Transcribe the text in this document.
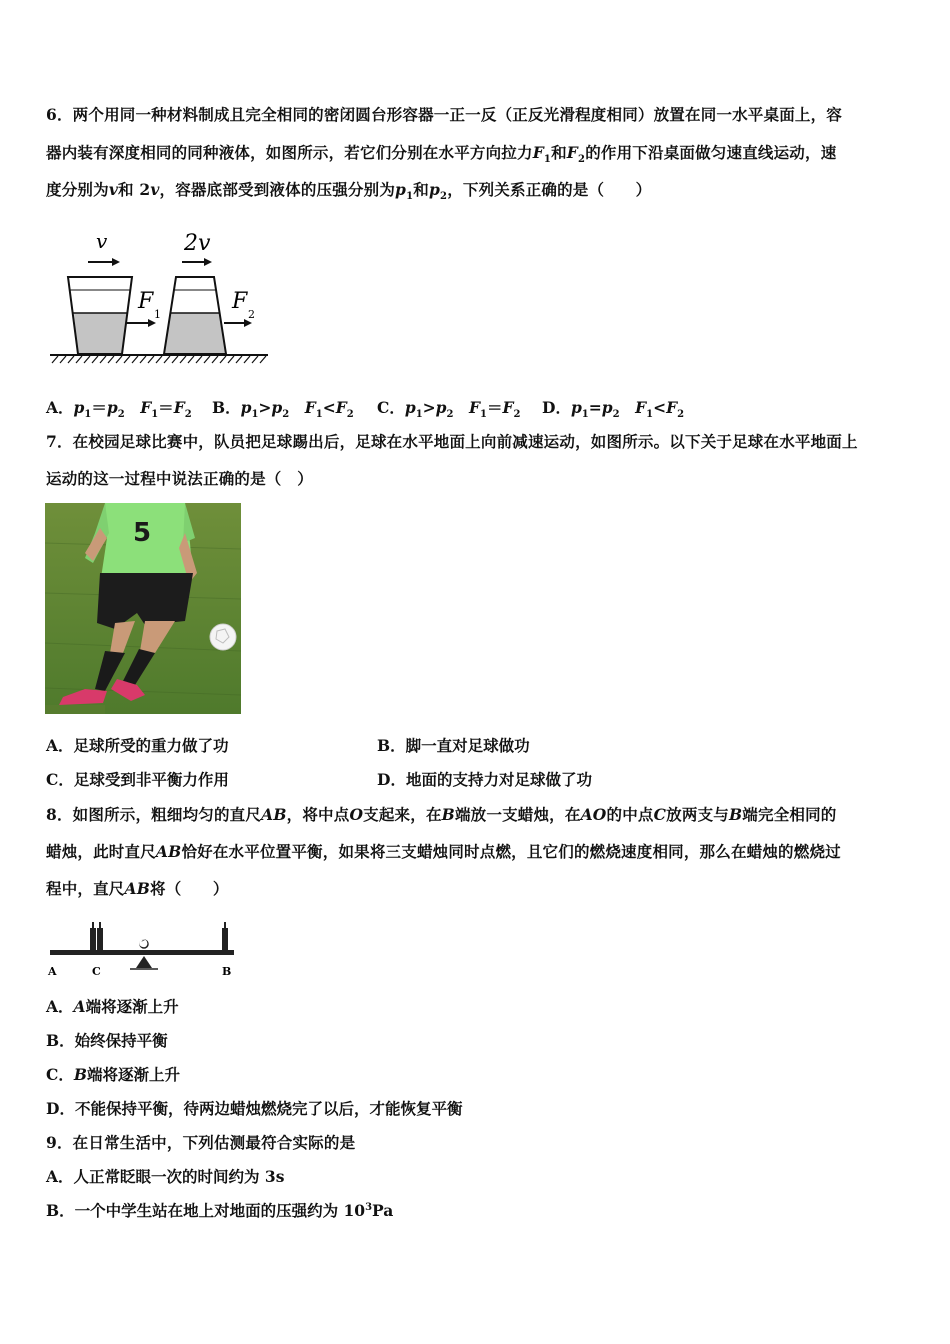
6．两个用同一种材料制成且完全相同的密闭圆台形容器一正一反（正反光滑程度相同）放置在同一水平桌面上，容
器内装有深度相同的同种液体，如图所示，若它们分别在水平方向拉力$F_1$和$F_2$的作用下沿桌面做匀速直线运动，速
度分别为v和 2v，容器底部受到液体的压强分别为$p_1$和$p_2$，下列关系正确的是（　　）
v	2v
F
1
F
2
A．$p_1=p_2$　 $F_1=F_2$ B．$p_1>p_2$　 $F_1<F_2$ C．$p_1>p_2$　 $F_1=F_2$ D．$p_1=p_2$　 $F_1<F_2$
7．在校园足球比赛中，队员把足球踢出后，足球在水平地面上向前减速运动，如图所示。以下关于足球在水平地面上
运动的这一过程中说法正确的是（　）
5
A．足球所受的重力做了功	B．脚一直对足球做功
C．足球受到非平衡力作用	D．地面的支持力对足球做了功
8．如图所示，粗细均匀的直尺AB，将中点O支起来，在B端放一支蜡烛，在AO的中点C放两支与B端完全相同的
蜡烛，此时直尺AB恰好在水平位置平衡，如果将三支蜡烛同时点燃，且它们的燃烧速度相同，那么在蜡烛的燃烧过
程中，直尺AB将（　　）
A	C
O
B
A．A端将逐渐上升
B．始终保持平衡
C．B端将逐渐上升
D．不能保持平衡，待两边蜡烛燃烧完了以后，才能恢复平衡
9．在日常生活中，下列估测最符合实际的是
A．人正常眨眼一次的时间约为 3s
B．一个中学生站在地上对地面的压强约为 $10^3Pa$
